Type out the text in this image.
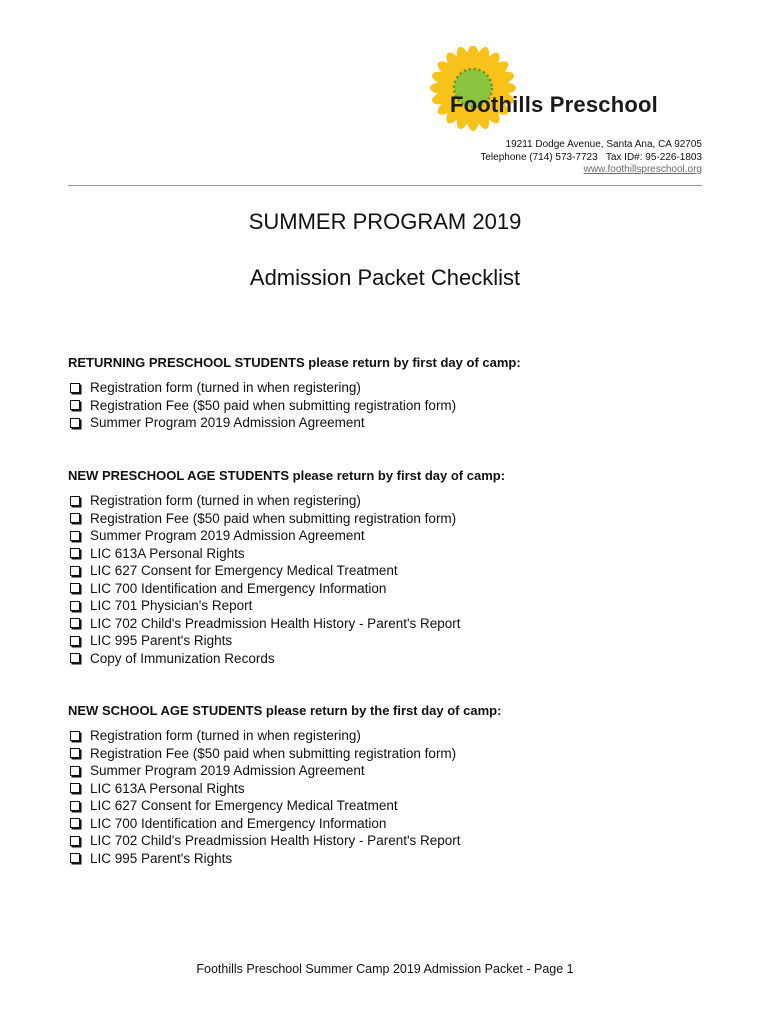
Foothills Preschool
19211 Dodge Avenue, Santa Ana, CA 92705
Telephone (714) 573-7723   Tax ID#: 95-226-1803
www.foothillspreschool.org
SUMMER PROGRAM 2019
Admission Packet Checklist
RETURNING PRESCHOOL STUDENTS please return by first day of camp:
Registration form (turned in when registering)
Registration Fee ($50 paid when submitting registration form)
Summer Program 2019 Admission Agreement
NEW PRESCHOOL AGE STUDENTS please return by first day of camp:
Registration form (turned in when registering)
Registration Fee ($50 paid when submitting registration form)
Summer Program 2019 Admission Agreement
LIC 613A Personal Rights
LIC 627 Consent for Emergency Medical Treatment
LIC 700 Identification and Emergency Information
LIC 701 Physician's Report
LIC 702 Child's Preadmission Health History - Parent's Report
LIC 995 Parent's Rights
Copy of Immunization Records
NEW SCHOOL AGE STUDENTS please return by the first day of camp:
Registration form (turned in when registering)
Registration Fee ($50 paid when submitting registration form)
Summer Program 2019 Admission Agreement
LIC 613A Personal Rights
LIC 627 Consent for Emergency Medical Treatment
LIC 700 Identification and Emergency Information
LIC 702 Child's Preadmission Health History - Parent's Report
LIC 995 Parent's Rights
Foothills Preschool Summer Camp 2019 Admission Packet - Page 1
